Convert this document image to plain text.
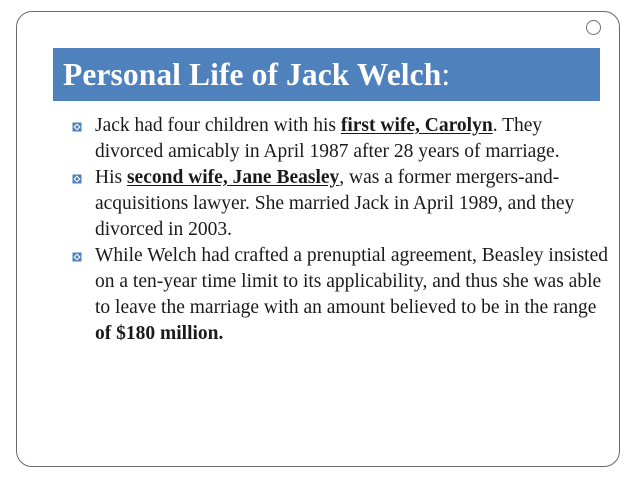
Personal Life of Jack Welch:
Jack had four children with his first wife, Carolyn. They divorced amicably in April 1987 after 28 years of marriage.
His second wife, Jane Beasley, was a former mergers-and-acquisitions lawyer. She married Jack in April 1989, and they divorced in 2003.
While Welch had crafted a prenuptial agreement, Beasley insisted on a ten-year time limit to its applicability, and thus she was able to leave the marriage with an amount believed to be in the range of $180 million.
